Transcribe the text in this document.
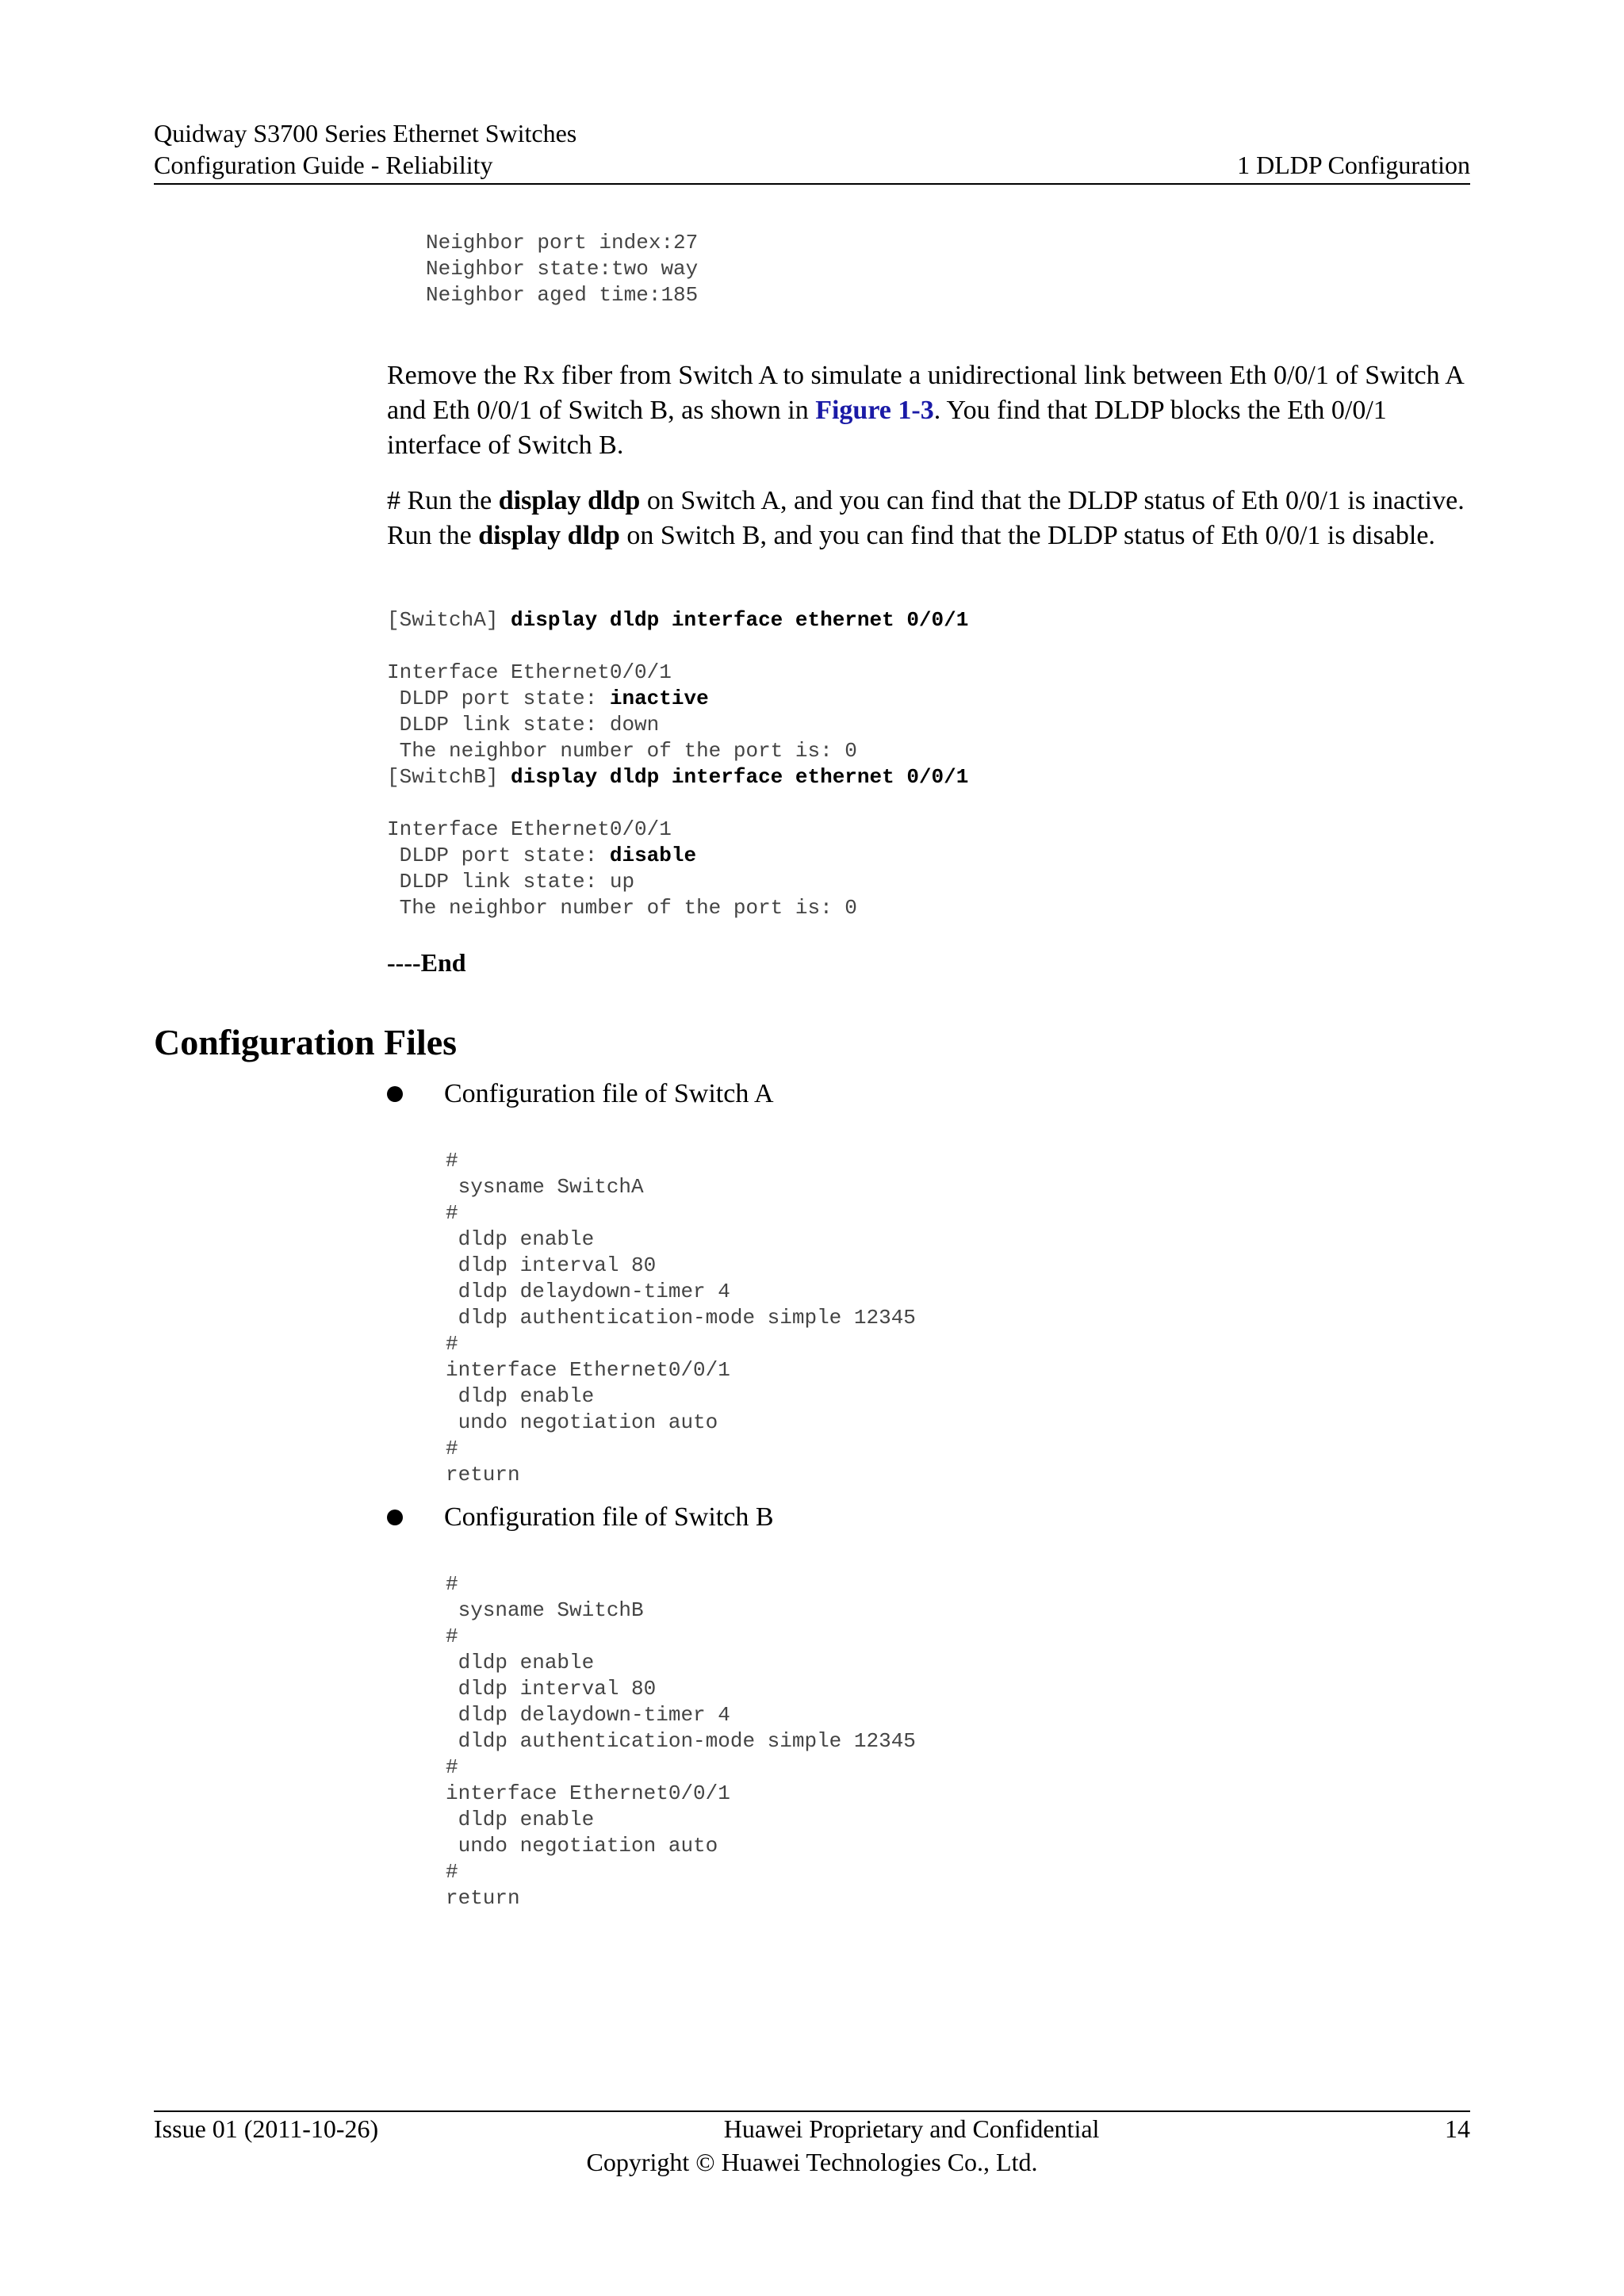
Quidway S3700 Series Ethernet Switches
Configuration Guide - Reliability	1 DLDP Configuration
Neighbor port index:27
Neighbor state:two way
Neighbor aged time:185

Remove the Rx fiber from Switch A to simulate a unidirectional link between Eth 0/0/1 of Switch A and Eth 0/0/1 of Switch B, as shown in Figure 1-3. You find that DLDP blocks the Eth 0/0/1 interface of Switch B.

# Run the display dldp on Switch A, and you can find that the DLDP status of Eth 0/0/1 is inactive. Run the display dldp on Switch B, and you can find that the DLDP status of Eth 0/0/1 is disable.

[SwitchA] display dldp interface ethernet 0/0/1

Interface Ethernet0/0/1
DLDP port state: inactive
DLDP link state: down
The neighbor number of the port is: 0
[SwitchB] display dldp interface ethernet 0/0/1

Interface Ethernet0/0/1
DLDP port state: disable
DLDP link state: up
The neighbor number of the port is: 0
----End
Configuration Files
Configuration file of Switch A
#
sysname SwitchA
#
dldp enable
dldp interval 80
dldp delaydown-timer 4
dldp authentication-mode simple 12345
#
interface Ethernet0/0/1
dldp enable
undo negotiation auto
#
return
Configuration file of Switch B
#
sysname SwitchB
#
dldp enable
dldp interval 80
dldp delaydown-timer 4
dldp authentication-mode simple 12345
#
interface Ethernet0/0/1
dldp enable
undo negotiation auto
#
return
Issue 01 (2011-10-26)	Huawei Proprietary and Confidential	14
Copyright © Huawei Technologies Co., Ltd.
